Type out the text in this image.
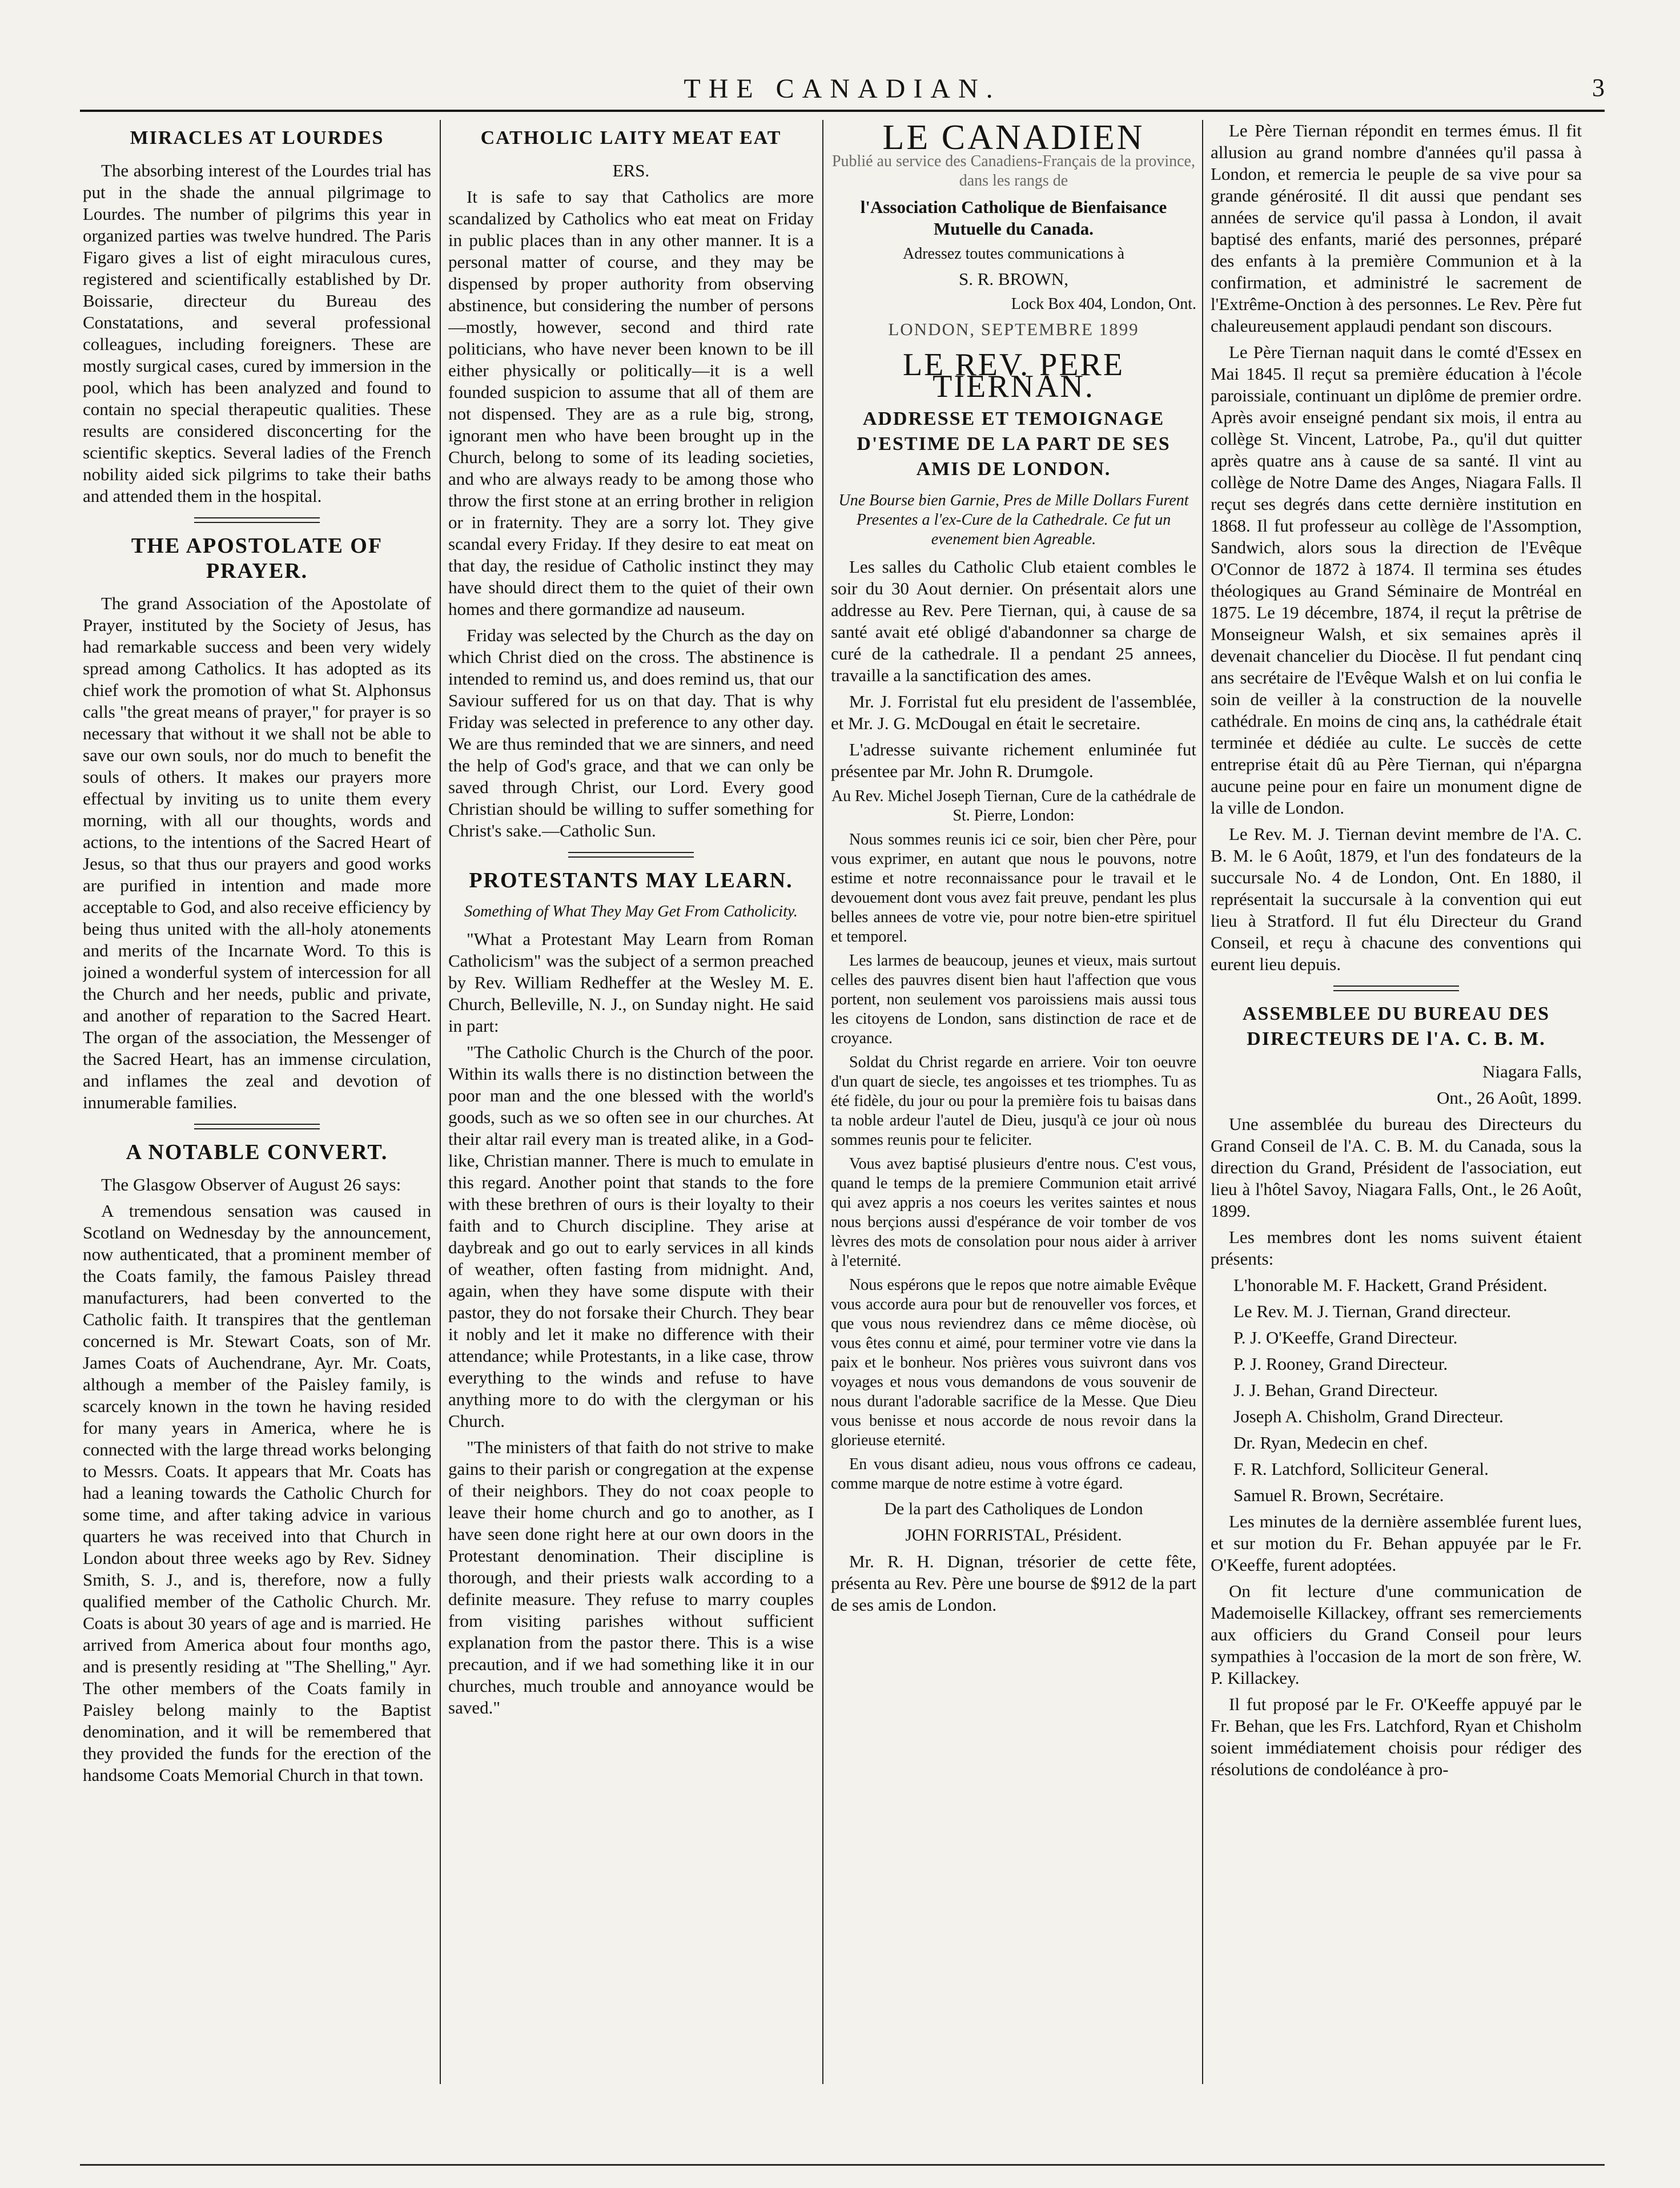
THE CANADIAN.	3
MIRACLES AT LOURDES

The absorbing interest of the Lourdes trial has put in the shade the annual pilgrimage to Lourdes. The number of pilgrims this year in organized parties was twelve hundred. The Paris Figaro gives a list of eight miraculous cures, registered and scientifically established by Dr. Boissarie, directeur du Bureau des Constatations, and several professional colleagues, including foreigners. These are mostly surgical cases, cured by immersion in the pool, which has been analyzed and found to contain no special therapeutic qualities. These results are considered disconcerting for the scientific skeptics. Several ladies of the French nobility aided sick pilgrims to take their baths and attended them in the hospital.

THE APOSTOLATE OF PRAYER.

The grand Association of the Apostolate of Prayer, instituted by the Society of Jesus, has had remarkable success and been very widely spread among Catholics. It has adopted as its chief work the promotion of what St. Alphonsus calls "the great means of prayer," for prayer is so necessary that without it we shall not be able to save our own souls, nor do much to benefit the souls of others. It makes our prayers more effectual by inviting us to unite them every morning, with all our thoughts, words and actions, to the intentions of the Sacred Heart of Jesus, so that thus our prayers and good works are purified in intention and made more acceptable to God, and also receive efficiency by being thus united with the all-holy atonements and merits of the Incarnate Word. To this is joined a wonderful system of intercession for all the Church and her needs, public and private, and another of reparation to the Sacred Heart. The organ of the association, the Messenger of the Sacred Heart, has an immense circulation, and inflames the zeal and devotion of innumerable families.

A NOTABLE CONVERT.

The Glasgow Observer of August 26 says:

A tremendous sensation was caused in Scotland on Wednesday by the announcement, now authenticated, that a prominent member of the Coats family, the famous Paisley thread manufacturers, had been converted to the Catholic faith. It transpires that the gentleman concerned is Mr. Stewart Coats, son of Mr. James Coats of Auchendrane, Ayr. Mr. Coats, although a member of the Paisley family, is scarcely known in the town he having resided for many years in America, where he is connected with the large thread works belonging to Messrs. Coats. It appears that Mr. Coats has had a leaning towards the Catholic Church for some time, and after taking advice in various quarters he was received into that Church in London about three weeks ago by Rev. Sidney Smith, S. J., and is, therefore, now a fully qualified member of the Catholic Church. Mr. Coats is about 30 years of age and is married. He arrived from America about four months ago, and is presently residing at "The Shelling," Ayr. The other members of the Coats family in Paisley belong mainly to the Baptist denomination, and it will be remembered that they provided the funds for the erection of the handsome Coats Memorial Church in that town.

CATHOLIC LAITY MEAT EAT
ERS.

It is safe to say that Catholics are more scandalized by Catholics who eat meat on Friday in public places than in any other manner. It is a personal matter of course, and they may be dispensed by proper authority from observing abstinence, but considering the number of persons—mostly, however, second and third rate politicians, who have never been known to be ill either physically or politically—it is a well founded suspicion to assume that all of them are not dispensed. They are as a rule big, strong, ignorant men who have been brought up in the Church, belong to some of its leading societies, and who are always ready to be among those who throw the first stone at an erring brother in religion or in fraternity. They are a sorry lot. They give scandal every Friday. If they desire to eat meat on that day, the residue of Catholic instinct they may have should direct them to the quiet of their own homes and there gormandize ad nauseum.

Friday was selected by the Church as the day on which Christ died on the cross. The abstinence is intended to remind us, and does remind us, that our Saviour suffered for us on that day. That is why Friday was selected in preference to any other day. We are thus reminded that we are sinners, and need the help of God's grace, and that we can only be saved through Christ, our Lord. Every good Christian should be willing to suffer something for Christ's sake.—Catholic Sun.

PROTESTANTS MAY LEARN.
Something of What They May Get From Catholicity.

"What a Protestant May Learn from Roman Catholicism" was the subject of a sermon preached by Rev. William Redheffer at the Wesley M. E. Church, Belleville, N. J., on Sunday night. He said in part:

"The Catholic Church is the Church of the poor. Within its walls there is no distinction between the poor man and the one blessed with the world's goods, such as we so often see in our churches. At their altar rail every man is treated alike, in a God-like, Christian manner. There is much to emulate in this regard. Another point that stands to the fore with these brethren of ours is their loyalty to their faith and to Church discipline. They arise at daybreak and go out to early services in all kinds of weather, often fasting from midnight. And, again, when they have some dispute with their pastor, they do not forsake their Church. They bear it nobly and let it make no difference with their attendance; while Protestants, in a like case, throw everything to the winds and refuse to have anything more to do with the clergyman or his Church.

"The ministers of that faith do not strive to make gains to their parish or congregation at the expense of their neighbors. They do not coax people to leave their home church and go to another, as I have seen done right here at our own doors in the Protestant denomination. Their discipline is thorough, and their priests walk according to a definite measure. They refuse to marry couples from visiting parishes without sufficient explanation from the pastor there. This is a wise precaution, and if we had something like it in our churches, much trouble and annoyance would be saved."

LE CANADIEN
Publié au service des Canadiens-Français de la province, dans les rangs de
l'Association Catholique de Bienfaisance Mutuelle du Canada.
Adressez toutes communications à
S. R. BROWN,
Lock Box 404, London, Ont.
LONDON, SEPTEMBRE 1899
LE REV. PERE TIERNAN.
ADDRESSE ET TEMOIGNAGE D'ESTIME DE LA PART DE SES AMIS DE LONDON.
Une Bourse bien Garnie, Pres de Mille Dollars Furent Presentes a l'ex-Cure de la Cathedrale. Ce fut un evenement bien Agreable.

Les salles du Catholic Club etaient combles le soir du 30 Aout dernier. On présentait alors une addresse au Rev. Pere Tiernan, qui, à cause de sa santé avait eté obligé d'abandonner sa charge de curé de la cathedrale. Il a pendant 25 annees, travaille a la sanctification des ames.

Mr. J. Forristal fut elu president de l'assemblée, et Mr. J. G. McDougal en était le secretaire.

L'adresse suivante richement enluminée fut présentee par Mr. John R. Drumgole.

Au Rev. Michel Joseph Tiernan, Cure de la cathédrale de St. Pierre, London:

Nous sommes reunis ici ce soir, bien cher Père, pour vous exprimer, en autant que nous le pouvons, notre estime et notre reconnaissance pour le travail et le devouement dont vous avez fait preuve, pendant les plus belles annees de votre vie, pour notre bien-etre spirituel et temporel.

Les larmes de beaucoup, jeunes et vieux, mais surtout celles des pauvres disent bien haut l'affection que vous portent, non seulement vos paroissiens mais aussi tous les citoyens de London, sans distinction de race et de croyance.

Soldat du Christ regarde en arriere. Voir ton oeuvre d'un quart de siecle, tes angoisses et tes triomphes. Tu as été fidèle, du jour ou pour la première fois tu baisas dans ta noble ardeur l'autel de Dieu, jusqu'à ce jour où nous sommes reunis pour te feliciter.

Vous avez baptisé plusieurs d'entre nous. C'est vous, quand le temps de la premiere Communion etait arrivé qui avez appris a nos coeurs les verites saintes et nous nous berçions aussi d'espérance de voir tomber de vos lèvres des mots de consolation pour nous aider à arriver à l'eternité.

Nous espérons que le repos que notre aimable Evêque vous accorde aura pour but de renouveller vos forces, et que vous nous reviendrez dans ce même diocèse, où vous êtes connu et aimé, pour terminer votre vie dans la paix et le bonheur. Nos prières vous suivront dans vos voyages et nous vous demandons de vous souvenir de nous durant l'adorable sacrifice de la Messe. Que Dieu vous benisse et nous accorde de nous revoir dans la glorieuse eternité.

En vous disant adieu, nous vous offrons ce cadeau, comme marque de notre estime à votre égard.

De la part des Catholiques de London
JOHN FORRISTAL, Président.

Mr. R. H. Dignan, trésorier de cette fête, présenta au Rev. Père une bourse de $912 de la part de ses amis de London.

Le Père Tiernan répondit en termes émus. Il fit allusion au grand nombre d'années qu'il passa à London, et remercia le peuple de sa vive pour sa grande générosité. Il dit aussi que pendant ses années de service qu'il passa à London, il avait baptisé des enfants, marié des personnes, préparé des enfants à la première Communion et à la confirmation, et administré le sacrement de l'Extrême-Onction à des personnes. Le Rev. Père fut chaleureusement applaudi pendant son discours.

Le Père Tiernan naquit dans le comté d'Essex en Mai 1845. Il reçut sa première éducation à l'école paroissiale, continuant un diplôme de premier ordre. Après avoir enseigné pendant six mois, il entra au collège St. Vincent, Latrobe, Pa., qu'il dut quitter après quatre ans à cause de sa santé. Il vint au collège de Notre Dame des Anges, Niagara Falls. Il reçut ses degrés dans cette dernière institution en 1868. Il fut professeur au collège de l'Assomption, Sandwich, alors sous la direction de l'Evêque O'Connor de 1872 à 1874. Il termina ses études théologiques au Grand Séminaire de Montréal en 1875. Le 19 décembre, 1874, il reçut la prêtrise de Monseigneur Walsh, et six semaines après il devenait chancelier du Diocèse. Il fut pendant cinq ans secrétaire de l'Evêque Walsh et on lui confia le soin de veiller à la construction de la nouvelle cathédrale. En moins de cinq ans, la cathédrale était terminée et dédiée au culte. Le succès de cette entreprise était dû au Père Tiernan, qui n'épargna aucune peine pour en faire un monument digne de la ville de London.

Le Rev. M. J. Tiernan devint membre de l'A. C. B. M. le 6 Août, 1879, et l'un des fondateurs de la succursale No. 4 de London, Ont. En 1880, il représentait la succursale à la convention qui eut lieu à Stratford. Il fut élu Directeur du Grand Conseil, et reçu à chacune des conventions qui eurent lieu depuis.

ASSEMBLEE DU BUREAU DES DIRECTEURS DE l'A. C. B. M.
Niagara Falls,
Ont., 26 Août, 1899.

Une assemblée du bureau des Directeurs du Grand Conseil de l'A. C. B. M. du Canada, sous la direction du Grand, Président de l'association, eut lieu à l'hôtel Savoy, Niagara Falls, Ont., le 26 Août, 1899.

Les membres dont les noms suivent étaient présents:

L'honorable M. F. Hackett, Grand Président.
Le Rev. M. J. Tiernan, Grand directeur.
P. J. O'Keeffe, Grand Directeur.
P. J. Rooney, Grand Directeur.
J. J. Behan, Grand Directeur.
Joseph A. Chisholm, Grand Directeur.
Dr. Ryan, Medecin en chef.
F. R. Latchford, Solliciteur General.
Samuel R. Brown, Secrétaire.

Les minutes de la dernière assemblée furent lues, et sur motion du Fr. Behan appuyée par le Fr. O'Keeffe, furent adoptées.

On fit lecture d'une communication de Mademoiselle Killackey, offrant ses remerciements aux officiers du Grand Conseil pour leurs sympathies à l'occasion de la mort de son frère, W. P. Killackey.

Il fut proposé par le Fr. O'Keeffe appuyé par le Fr. Behan, que les Frs. Latchford, Ryan et Chisholm soient immédiatement choisis pour rédiger des résolutions de condoléance à pro-
